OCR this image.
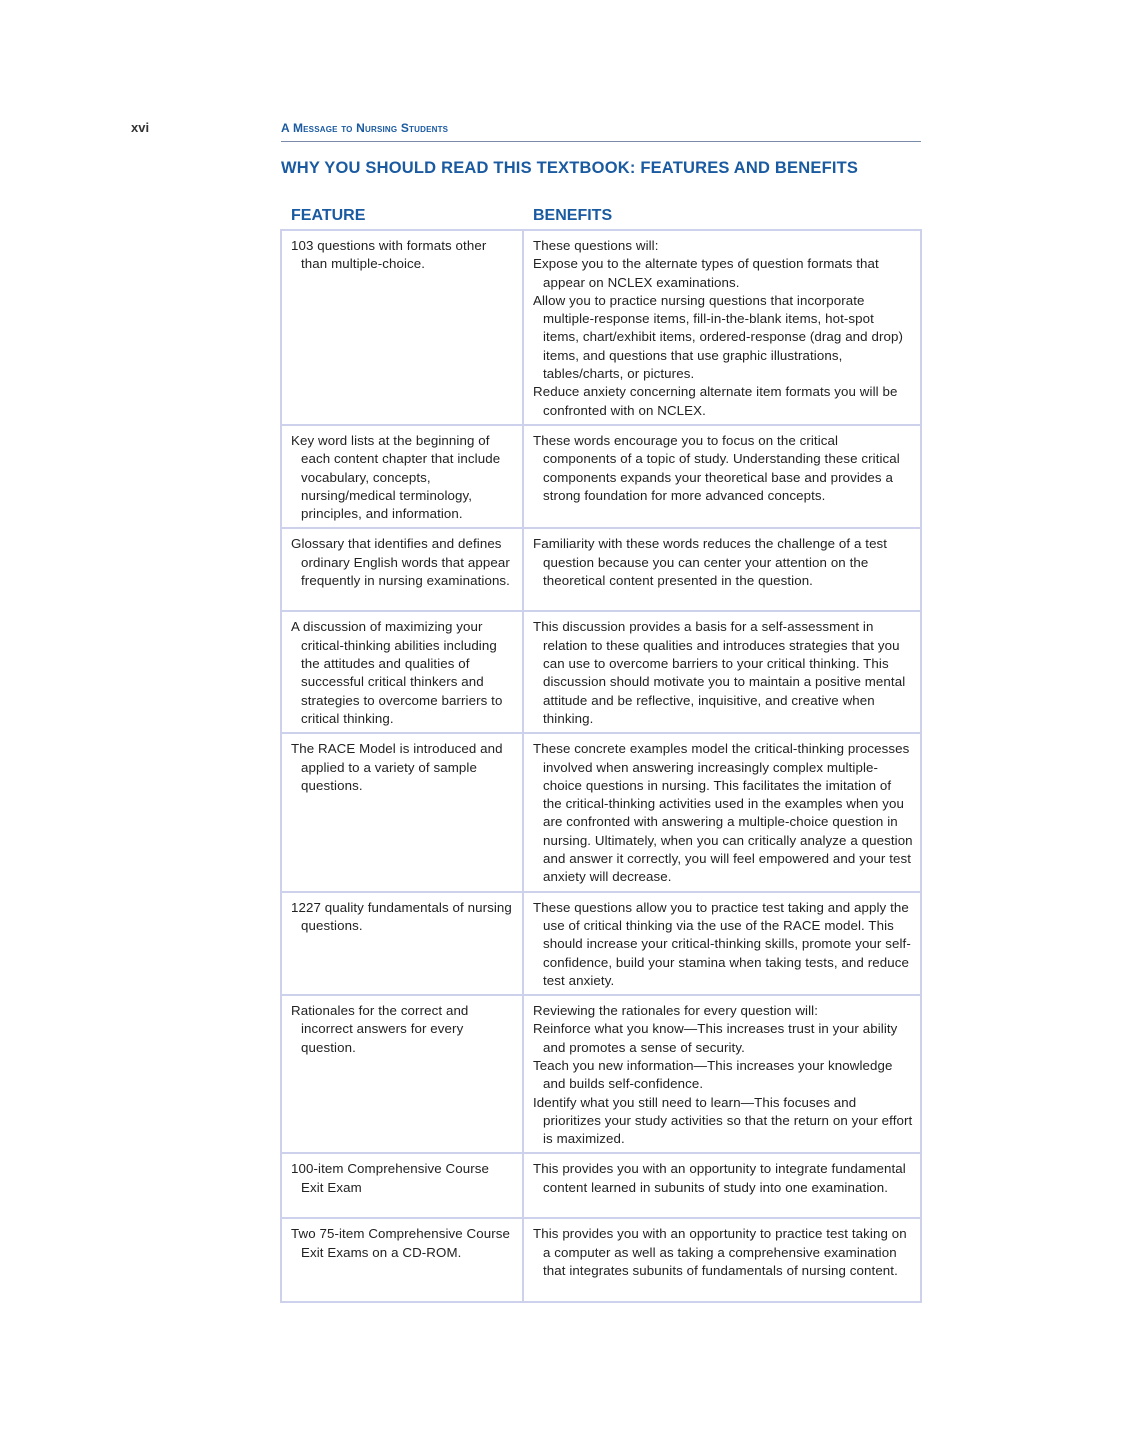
xvi	A Message to Nursing Students
WHY YOU SHOULD READ THIS TEXTBOOK: FEATURES AND BENEFITS
FEATURE	BENEFITS

103 questions with formats other than multiple-choice.	These questions will:

Expose you to the alternate types of question formats that appear on NCLEX examinations.

Allow you to practice nursing questions that incorporate multiple-response items, fill-in-the-blank items, hot-spot items, chart/exhibit items, ordered-response (drag and drop) items, and questions that use graphic illustrations, tables/charts, or pictures.

Reduce anxiety concerning alternate item formats you will be confronted with on NCLEX.

Key word lists at the beginning of each content chapter that include vocabulary, concepts, nursing/medical terminology, principles, and information.	These words encourage you to focus on the critical components of a topic of study. Understanding these critical components expands your theoretical base and provides a strong foundation for more advanced concepts.

Glossary that identifies and defines ordinary English words that appear frequently in nursing examinations.	Familiarity with these words reduces the challenge of a test question because you can center your attention on the theoretical content presented in the question.

A discussion of maximizing your critical-thinking abilities including the attitudes and qualities of successful critical thinkers and strategies to overcome barriers to critical thinking.	This discussion provides a basis for a self-assessment in relation to these qualities and introduces strategies that you can use to overcome barriers to your critical thinking. This discussion should motivate you to maintain a positive mental attitude and be reflective, inquisitive, and creative when thinking.

The RACE Model is introduced and applied to a variety of sample questions.	These concrete examples model the critical-thinking processes involved when answering increasingly complex multiple-choice questions in nursing. This facilitates the imitation of the critical-thinking activities used in the examples when you are confronted with answering a multiple-choice question in nursing. Ultimately, when you can critically analyze a question and answer it correctly, you will feel empowered and your test anxiety will decrease.

1227 quality fundamentals of nursing questions.	These questions allow you to practice test taking and apply the use of critical thinking via the use of the RACE model. This should increase your critical-thinking skills, promote your self-confidence, build your stamina when taking tests, and reduce test anxiety.

Rationales for the correct and incorrect answers for every question.	Reviewing the rationales for every question will:

Reinforce what you know—This increases trust in your ability and promotes a sense of security.

Teach you new information—This increases your knowledge and builds self-confidence.

Identify what you still need to learn—This focuses and prioritizes your study activities so that the return on your effort is maximized.

100-item Comprehensive Course Exit Exam	This provides you with an opportunity to integrate fundamental content learned in subunits of study into one examination.

Two 75-item Comprehensive Course Exit Exams on a CD-ROM.	This provides you with an opportunity to practice test taking on a computer as well as taking a comprehensive examination that integrates subunits of fundamentals of nursing content.
